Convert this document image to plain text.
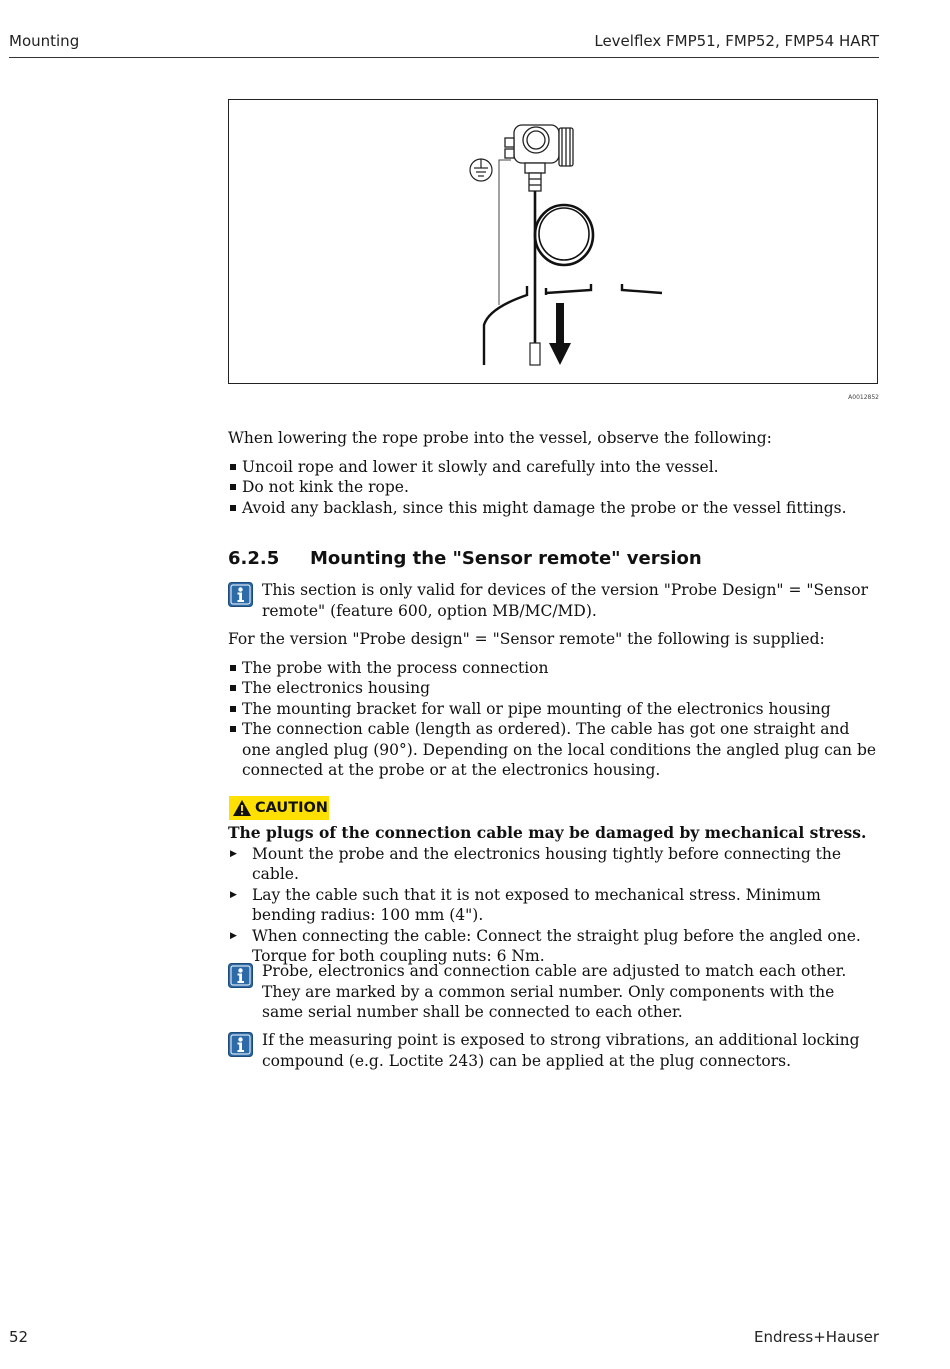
Mounting	Levelflex FMP51, FMP52, FMP54 HART
A0012852

When lowering the rope probe into the vessel, observe the following:

Uncoil rope and lower it slowly and carefully into the vessel.
Do not kink the rope.
Avoid any backlash, since this might damage the probe or the vessel fittings.
6.2.5 Mounting the "Sensor remote" version
This section is only valid for devices of the version "Probe Design" = "Sensor remote" (feature 600, option MB/MC/MD).

For the version "Probe design" = "Sensor remote" the following is supplied:

The probe with the process connection
The electronics housing
The mounting bracket for wall or pipe mounting of the electronics housing
The connection cable (length as ordered). The cable has got one straight and one angled plug (90°). Depending on the local conditions the angled plug can be connected at the probe or at the electronics housing.
CAUTION

The plugs of the connection cable may be damaged by mechanical stress.

▶ Mount the probe and the electronics housing tightly before connecting the cable.
▶ Lay the cable such that it is not exposed to mechanical stress. Minimum bending radius: 100 mm (4").
▶ When connecting the cable: Connect the straight plug before the angled one. Torque for both coupling nuts: 6 Nm.
Probe, electronics and connection cable are adjusted to match each other. They are marked by a common serial number. Only components with the same serial number shall be connected to each other.
If the measuring point is exposed to strong vibrations, an additional locking compound (e.g. Loctite 243) can be applied at the plug connectors.
52	Endress+Hauser
